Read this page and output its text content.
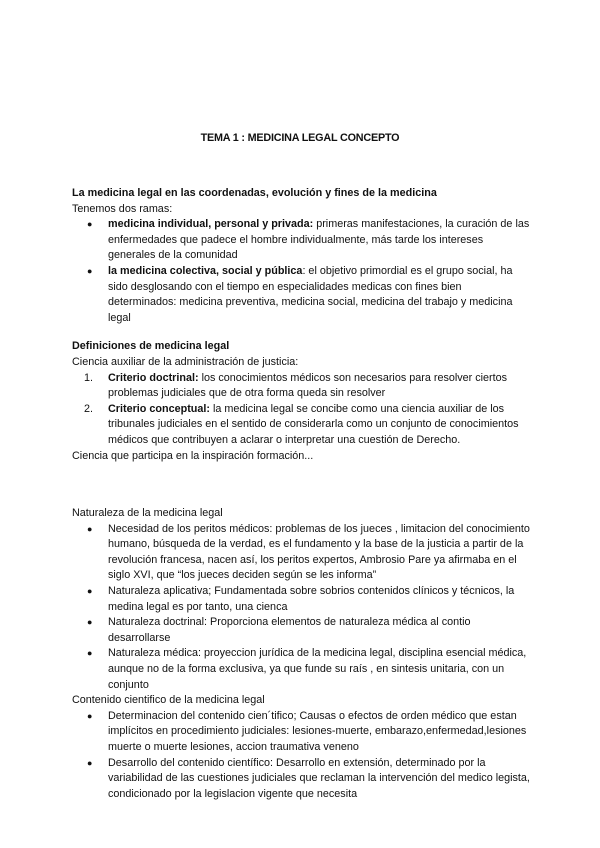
TEMA 1 : MEDICINA LEGAL CONCEPTO

La medicina legal en las coordenadas, evolución y fines de la medicina

Tenemos dos ramas:

● medicina individual, personal y privada: primeras manifestaciones, la curación de las enfermedades que padece el hombre individualmente, más tarde los intereses generales de la comunidad
● la medicina colectiva, social y pública: el objetivo primordial es el grupo social, ha sido desglosando con el tiempo en especialidades medicas con fines bien determinados: medicina preventiva, medicina social, medicina del trabajo y medicina legal

Definiciones de medicina legal

Ciencia auxiliar de la administración de justicia:

1. Criterio doctrinal: los conocimientos médicos son necesarios para resolver ciertos problemas judiciales que de otra forma queda sin resolver
2. Criterio conceptual: la medicina legal se concibe como una ciencia auxiliar de los tribunales judiciales en el sentido de considerarla como un conjunto de conocimientos médicos que contribuyen a aclarar o interpretar una cuestión de Derecho.

Ciencia que participa en la inspiración formación...

Naturaleza de la medicina legal

● Necesidad de los peritos médicos: problemas de los jueces , limitacion del conocimiento humano, búsqueda de la verdad, es el fundamento y la base de la justicia a partir de la revolución francesa, nacen así, los peritos expertos, Ambrosio Pare ya afirmaba en el siglo XVI, que “los jueces deciden según se les informa”
● Naturaleza aplicativa; Fundamentada sobre sobrios contenidos clínicos y técnicos, la medina legal es por tanto, una cienca
● Naturaleza doctrinal: Proporciona elementos de naturaleza médica al contio desarrollarse
● Naturaleza médica: proyeccion jurídica de la medicina legal, disciplina esencial médica, aunque no de la forma exclusiva, ya que funde su raís , en sintesis unitaria, con un conjunto

Contenido cientifico de la medicina legal

● Determinacion del contenido cien´tifico; Causas o efectos de orden médico que estan implícitos en procedimiento judiciales: lesiones-muerte, embarazo,enfermedad,lesiones muerte o muerte lesiones, accion traumativa veneno
● Desarrollo del contenido científico: Desarrollo en extensión, determinado por la variabilidad de las cuestiones judiciales que reclaman la intervención del medico legista, condicionado por la legislacion vigente que necesita
